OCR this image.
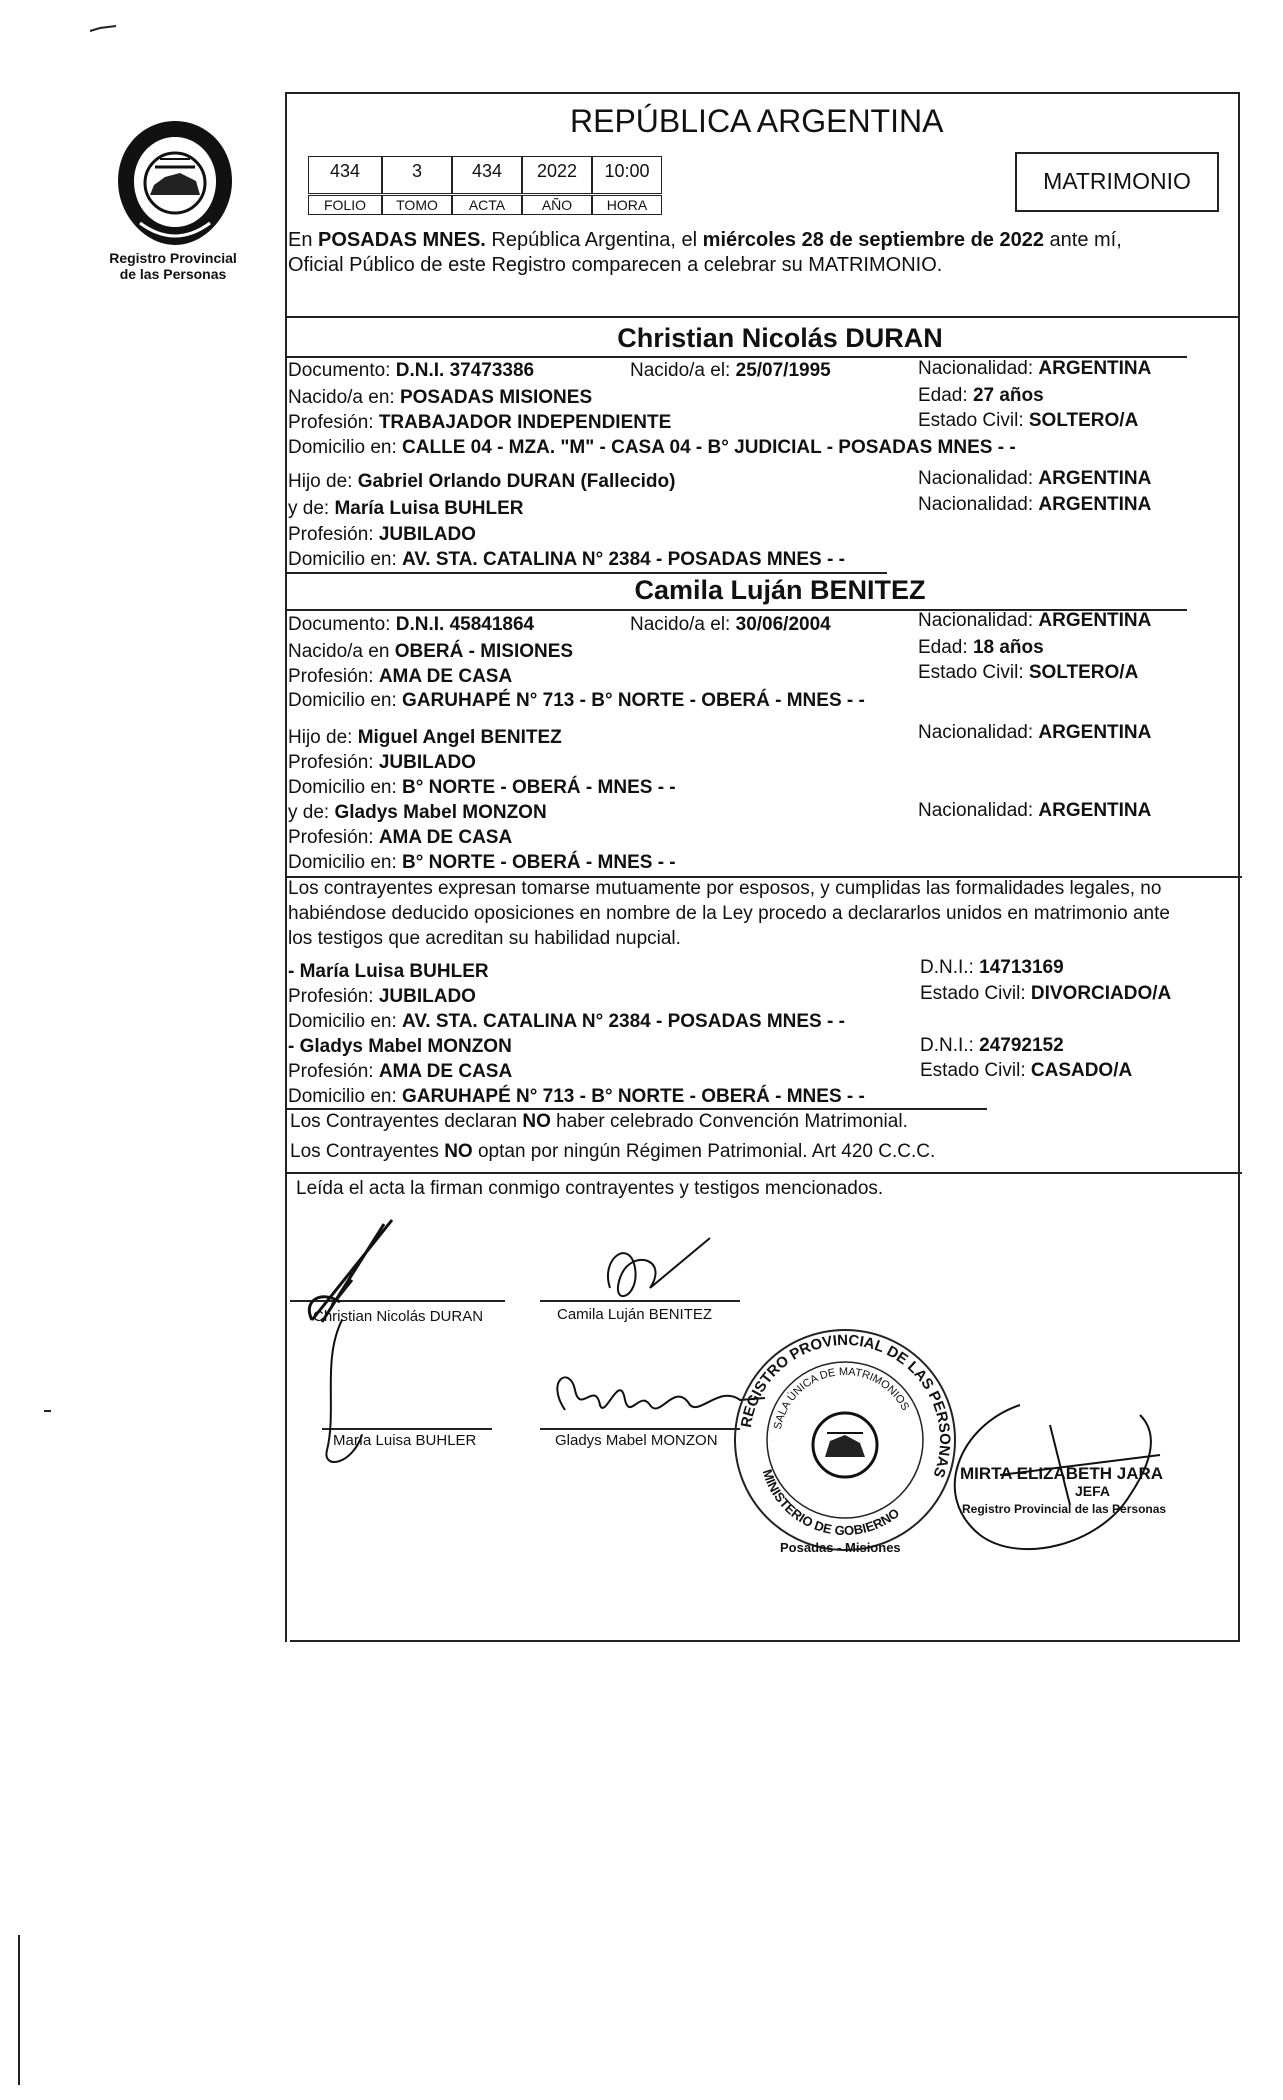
Registro Provincial
de las Personas
REPÚBLICA ARGENTINA
434	3	434	2022	10:00
FOLIO	TOMO	ACTA	AÑO	HORA
MATRIMONIO
En POSADAS MNES. República Argentina, el miércoles 28 de septiembre de 2022 ante mí,
Oficial Público de este Registro comparecen a celebrar su MATRIMONIO.
Christian Nicolás DURAN
Documento: D.N.I. 37473386	Nacido/a el: 25/07/1995	Nacionalidad: ARGENTINA
Nacido/a en: POSADAS MISIONES	Edad: 27 años
Profesión: TRABAJADOR INDEPENDIENTE	Estado Civil: SOLTERO/A
Domicilio en: CALLE 04 - MZA. "M" - CASA 04 - B° JUDICIAL - POSADAS MNES - -
Hijo de: Gabriel Orlando DURAN (Fallecido)	Nacionalidad: ARGENTINA
y de: María Luisa BUHLER	Nacionalidad: ARGENTINA
Profesión: JUBILADO
Domicilio en: AV. STA. CATALINA N° 2384 - POSADAS MNES - -
Camila Luján BENITEZ
Documento: D.N.I. 45841864	Nacido/a el: 30/06/2004	Nacionalidad: ARGENTINA
Nacido/a en OBERÁ - MISIONES	Edad: 18 años
Profesión: AMA DE CASA	Estado Civil: SOLTERO/A
Domicilio en: GARUHAPÉ N° 713 - B° NORTE - OBERÁ - MNES - -
Hijo de: Miguel Angel BENITEZ	Nacionalidad: ARGENTINA
Profesión: JUBILADO
Domicilio en: B° NORTE - OBERÁ - MNES - -
y de: Gladys Mabel MONZON	Nacionalidad: ARGENTINA
Profesión: AMA DE CASA
Domicilio en: B° NORTE - OBERÁ - MNES - -
Los contrayentes expresan tomarse mutuamente por esposos, y cumplidas las formalidades legales, no
habiéndose deducido oposiciones en nombre de la Ley procedo a declararlos unidos en matrimonio ante
los testigos que acreditan su habilidad nupcial.
- María Luisa BUHLER	D.N.I.: 14713169
Profesión: JUBILADO	Estado Civil: DIVORCIADO/A
Domicilio en: AV. STA. CATALINA N° 2384 - POSADAS MNES - -
- Gladys Mabel MONZON	D.N.I.: 24792152
Profesión: AMA DE CASA	Estado Civil: CASADO/A
Domicilio en: GARUHAPÉ N° 713 - B° NORTE - OBERÁ - MNES - -
Los Contrayentes declaran NO haber celebrado Convención Matrimonial.
Los Contrayentes NO optan por ningún Régimen Patrimonial. Art 420 C.C.C.
Leída el acta la firman conmigo contrayentes y testigos mencionados.
Christian Nicolás DURAN	Camila Luján BENITEZ
María Luisa BUHLER	Gladys Mabel MONZON
MIRTA ELIZABETH JARA
JEFA
Registro Provincial de las Personas
REGISTRO PROVINCIAL DE LAS PERSONAS
SALA ÚNICA DE MATRIMONIOS
MINISTERIO DE GOBIERNO
Posadas - Misiones
